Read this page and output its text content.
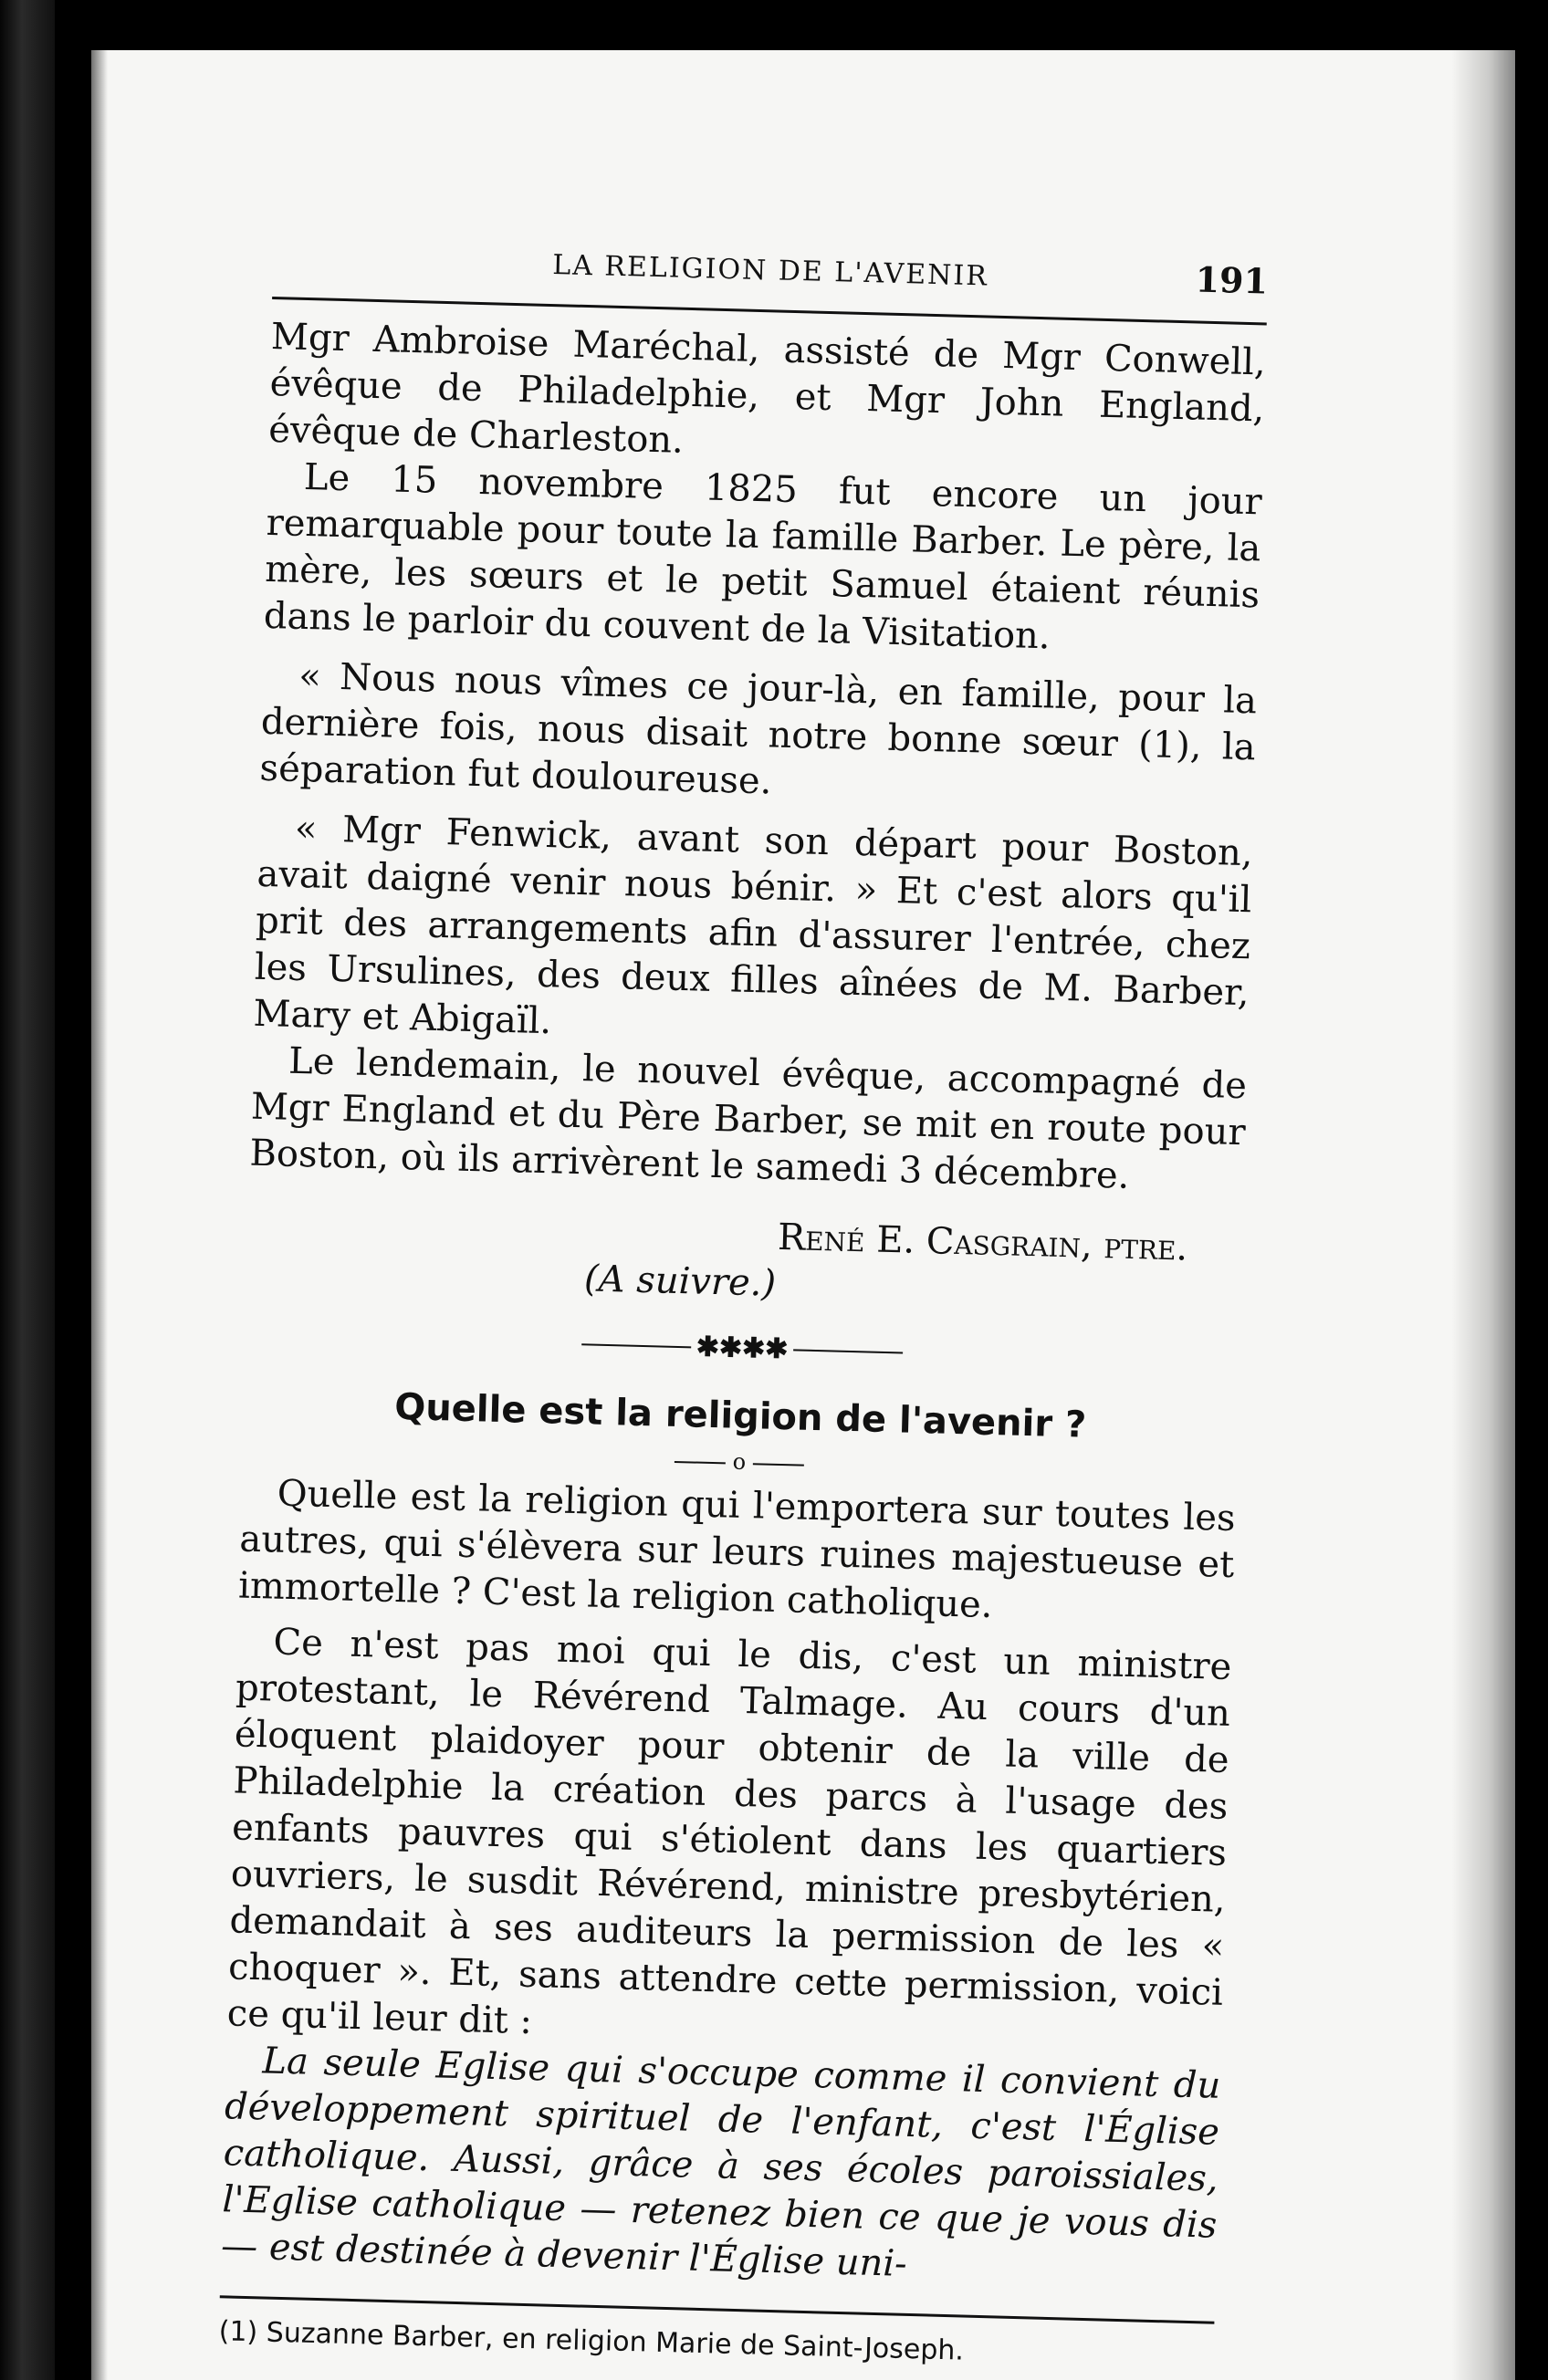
LA RELIGION DE L'AVENIR	191

Mgr Ambroise Maréchal, assisté de Mgr Conwell, évêque de Philadelphie, et Mgr John England, évêque de Charleston.

Le 15 novembre 1825 fut encore un jour remarquable pour toute la famille Barber. Le père, la mère, les sœurs et le petit Samuel étaient réunis dans le parloir du couvent de la Visitation.

« Nous nous vîmes ce jour-là, en famille, pour la dernière fois, nous disait notre bonne sœur (1), la séparation fut douloureuse.

« Mgr Fenwick, avant son départ pour Boston, avait daigné venir nous bénir. » Et c'est alors qu'il prit des arrangements afin d'assurer l'entrée, chez les Ursulines, des deux filles aînées de M. Barber, Mary et Abigaïl.

Le lendemain, le nouvel évêque, accompagné de Mgr England et du Père Barber, se mit en route pour Boston, où ils arrivèrent le samedi 3 décembre.

René E. Casgrain, ptre.
(A suivre.)
✱✱✱✱
Quelle est la religion de l'avenir ?
o

Quelle est la religion qui l'emportera sur toutes les autres, qui s'élèvera sur leurs ruines majestueuse et immortelle ? C'est la religion catholique.

Ce n'est pas moi qui le dis, c'est un ministre protestant, le Révérend Talmage. Au cours d'un éloquent plaidoyer pour obtenir de la ville de Philadelphie la création des parcs à l'usage des enfants pauvres qui s'étiolent dans les quartiers ouvriers, le susdit Révérend, ministre presbytérien, demandait à ses auditeurs la permission de les « choquer ». Et, sans attendre cette permission, voici ce qu'il leur dit :

La seule Eglise qui s'occupe comme il convient du développement spirituel de l'enfant, c'est l'Église catholique. Aussi, grâce à ses écoles paroissiales, l'Eglise catholique — retenez bien ce que je vous dis — est destinée à devenir l'Église uni-

(1) Suzanne Barber, en religion Marie de Saint-Joseph.
